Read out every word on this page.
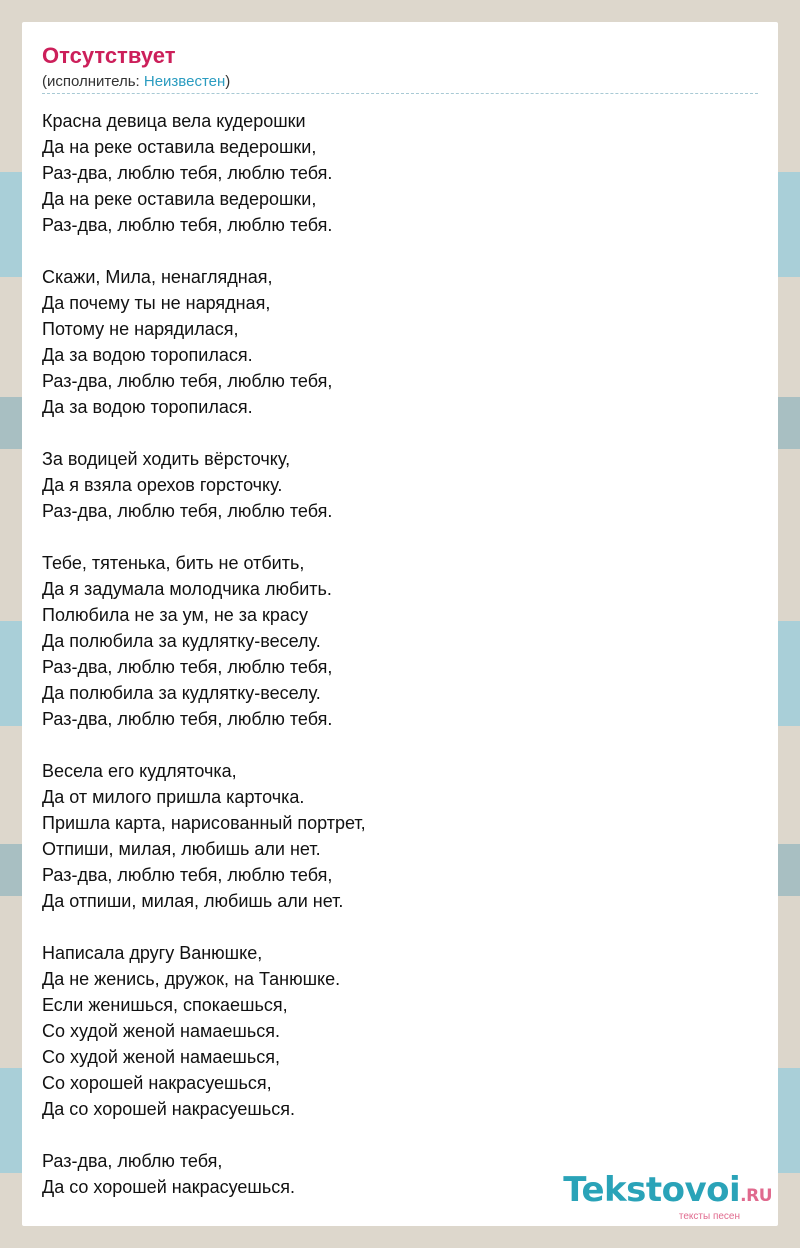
Отсутствует
(исполнитель: Неизвестен)
Красна девица вела кудерошки
Да на реке оставила ведерошки,
Раз-два, люблю тебя, люблю тебя.
Да на реке оставила ведерошки,
Раз-два, люблю тебя, люблю тебя.
Скажи, Мила, ненаглядная,
Да почему ты не нарядная,
Потому не нарядилася,
Да за водою торопилася.
Раз-два, люблю тебя, люблю тебя,
Да за водою торопилася.
За водицей ходить вёрсточку,
Да я взяла орехов горсточку.
Раз-два, люблю тебя, люблю тебя.
Тебе, тятенька, бить не отбить,
Да я задумала молодчика любить.
Полюбила не за ум, не за красу
Да полюбила за кудлятку-веселу.
Раз-два, люблю тебя, люблю тебя,
Да полюбила за кудлятку-веселу.
Раз-два, люблю тебя, люблю тебя.
Весела его кудляточка,
Да от милого пришла карточка.
Пришла карта, нарисованный портрет,
Отпиши, милая, любишь али нет.
Раз-два, люблю тебя, люблю тебя,
Да отпиши, милая, любишь али нет.
Написала другу Ванюшке,
Да не женись, дружок, на Танюшке.
Если женишься, спокаешься,
Со худой женой намаешься.
Со худой женой намаешься,
Со хорошей накрасуешься,
Да со хорошей накрасуешься.
Раз-два, люблю тебя,
Да со хорошей накрасуешься.	Tekstovoi.RU
тексты песен
